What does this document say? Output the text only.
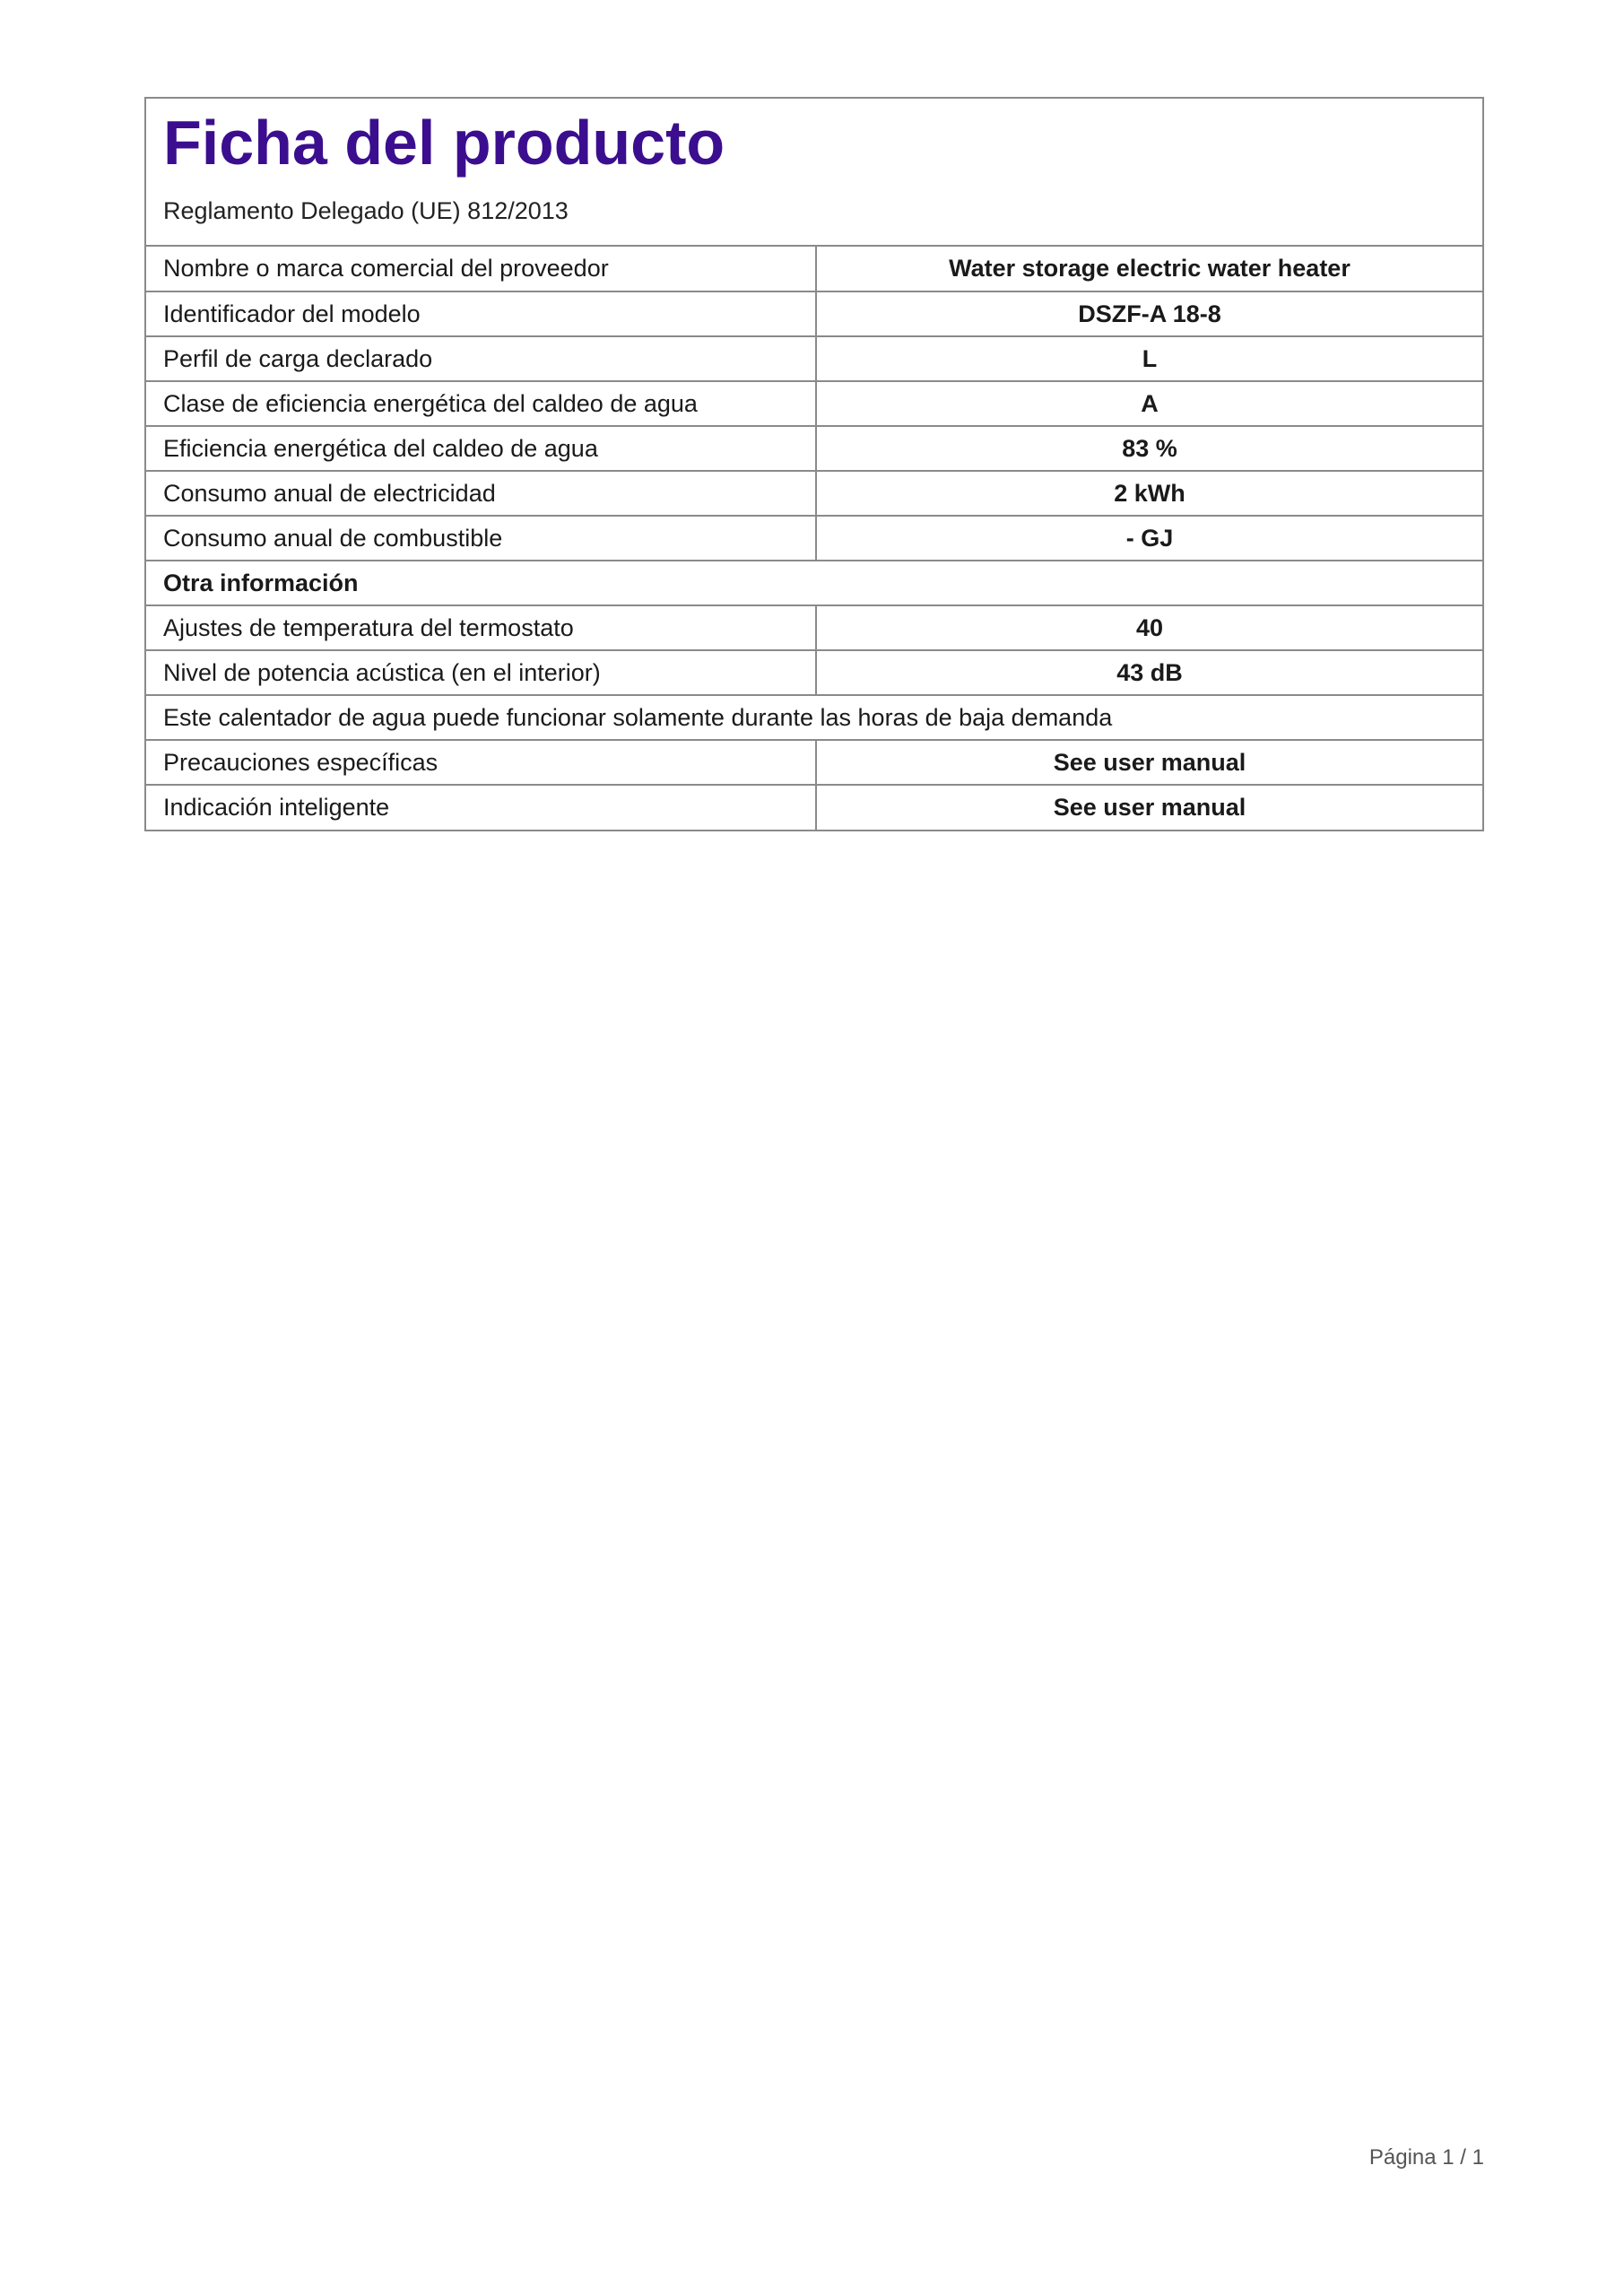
Ficha del producto
Reglamento Delegado (UE) 812/2013
Nombre o marca comercial del proveedor	Water storage electric water heater
Identificador del modelo	DSZF-A 18-8
Perfil de carga declarado	L
Clase de eficiencia energética del caldeo de agua	A
Eficiencia energética del caldeo de agua	83 %
Consumo anual de electricidad	2 kWh
Consumo anual de combustible	- GJ
Otra información	
Ajustes de temperatura del termostato	40
Nivel de potencia acústica (en el interior)	43 dB
Este calentador de agua puede funcionar solamente durante las horas de baja demanda	
Precauciones específicas	See user manual
Indicación inteligente	See user manual
Página 1 / 1
